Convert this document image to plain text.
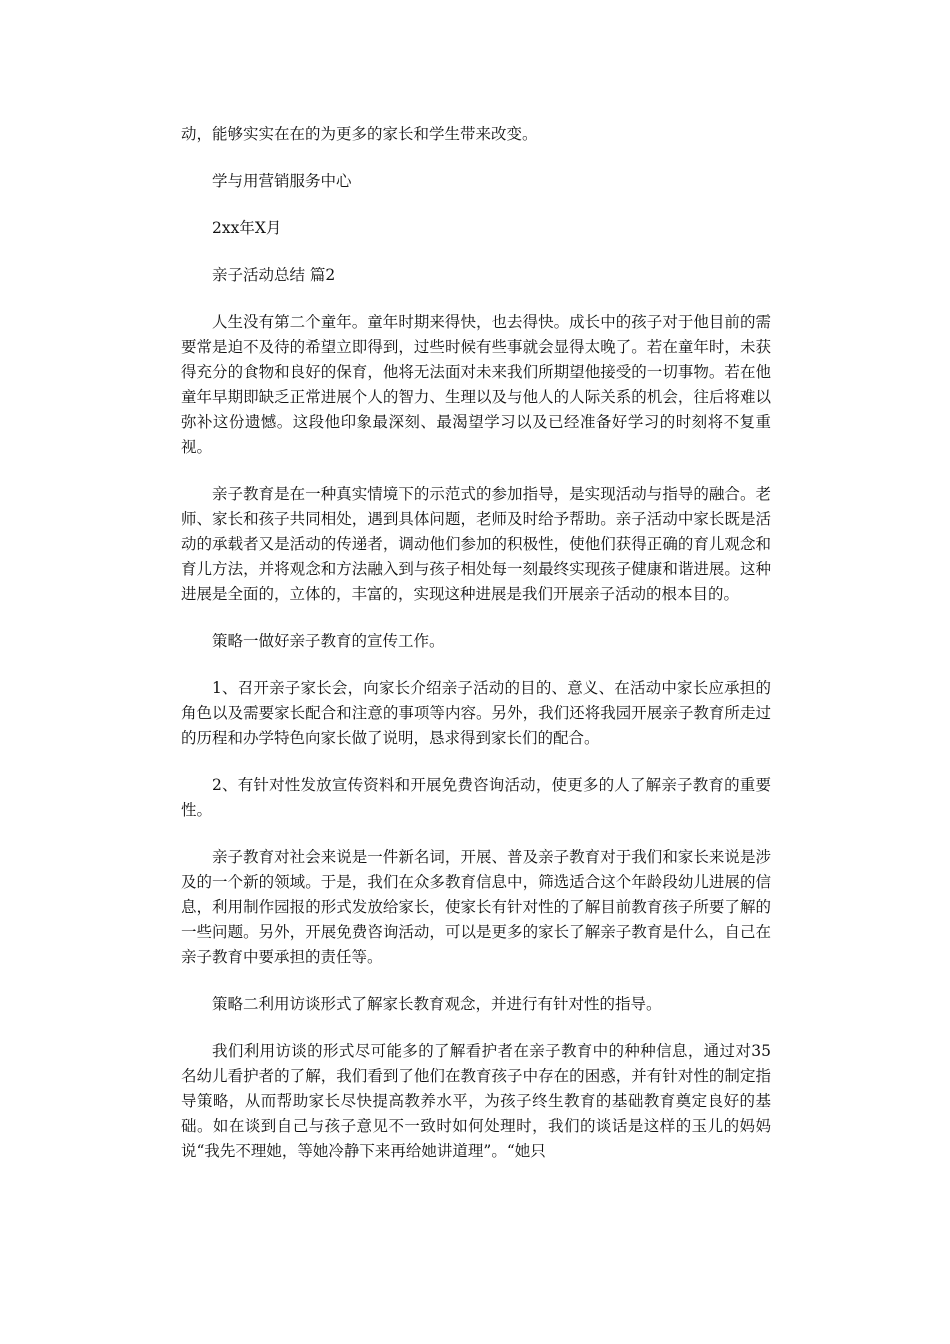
动，能够实实在在的为更多的家长和学生带来改变。

学与用营销服务中心

2xx年X月

亲子活动总结 篇2

人生没有第二个童年。童年时期来得快，也去得快。成长中的孩子对于他目前的需要常是迫不及待的希望立即得到，过些时候有些事就会显得太晚了。若在童年时，未获得充分的食物和良好的保育，他将无法面对未来我们所期望他接受的一切事物。若在他童年早期即缺乏正常进展个人的智力、生理以及与他人的人际关系的机会，往后将难以弥补这份遗憾。这段他印象最深刻、最渴望学习以及已经准备好学习的时刻将不复重视。

亲子教育是在一种真实情境下的示范式的参加指导，是实现活动与指导的融合。老师、家长和孩子共同相处，遇到具体问题，老师及时给予帮助。亲子活动中家长既是活动的承载者又是活动的传递者，调动他们参加的积极性，使他们获得正确的育儿观念和育儿方法，并将观念和方法融入到与孩子相处每一刻最终实现孩子健康和谐进展。这种进展是全面的，立体的，丰富的，实现这种进展是我们开展亲子活动的根本目的。

策略一做好亲子教育的宣传工作。

1、召开亲子家长会，向家长介绍亲子活动的目的、意义、在活动中家长应承担的角色以及需要家长配合和注意的事项等内容。另外，我们还将我园开展亲子教育所走过的历程和办学特色向家长做了说明，恳求得到家长们的配合。

2、有针对性发放宣传资料和开展免费咨询活动，使更多的人了解亲子教育的重要性。

亲子教育对社会来说是一件新名词，开展、普及亲子教育对于我们和家长来说是涉及的一个新的领域。于是，我们在众多教育信息中，筛选适合这个年龄段幼儿进展的信息，利用制作园报的形式发放给家长，使家长有针对性的了解目前教育孩子所要了解的一些问题。另外，开展免费咨询活动，可以是更多的家长了解亲子教育是什么，自己在亲子教育中要承担的责任等。

策略二利用访谈形式了解家长教育观念，并进行有针对性的指导。

我们利用访谈的形式尽可能多的了解看护者在亲子教育中的种种信息，通过对35名幼儿看护者的了解，我们看到了他们在教育孩子中存在的困惑，并有针对性的制定指导策略，从而帮助家长尽快提高教养水平，为孩子终生教育的基础教育奠定良好的基础。如在谈到自己与孩子意见不一致时如何处理时，我们的谈话是这样的玉儿的妈妈说“我先不理她，等她冷静下来再给她讲道理”。“她只
